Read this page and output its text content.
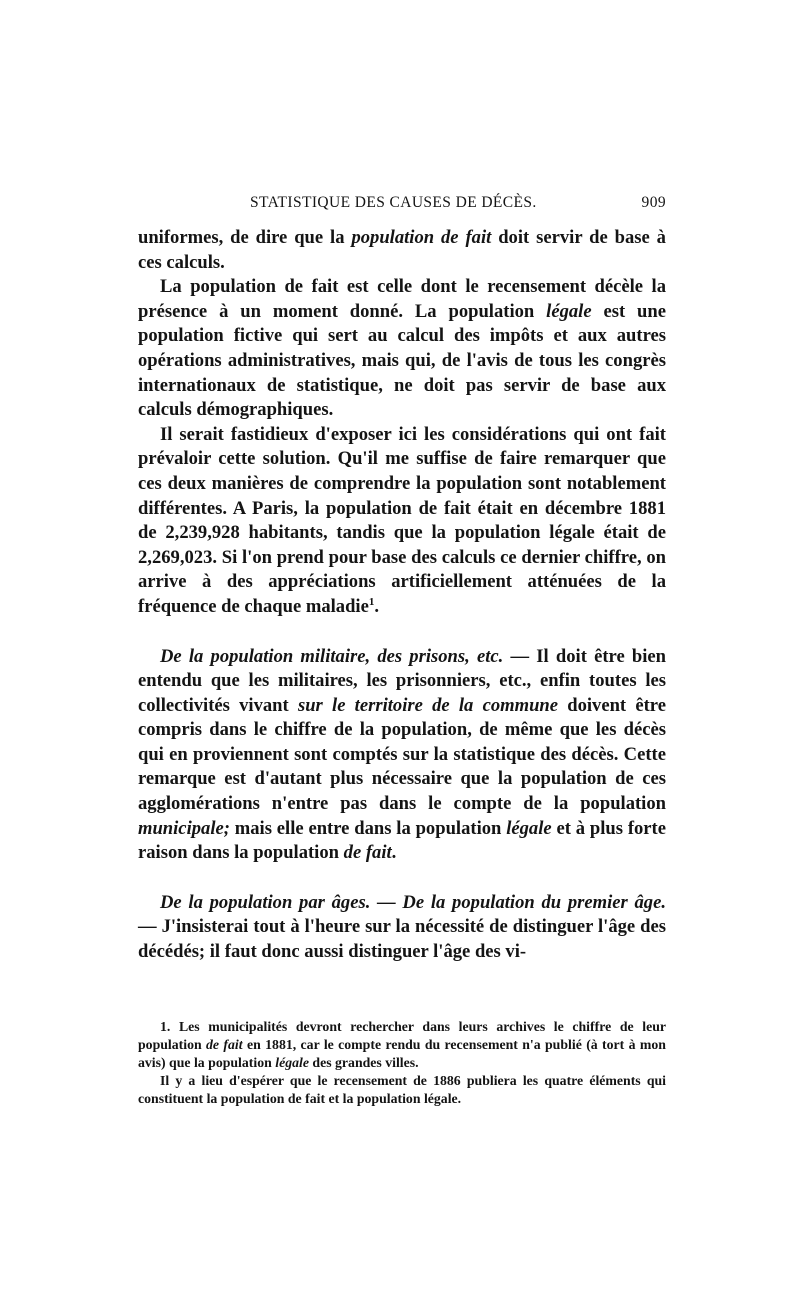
STATISTIQUE DES CAUSES DE DÉCÈS.	909

uniformes, de dire que la population de fait doit servir de base à ces calculs.

La population de fait est celle dont le recensement décèle la présence à un moment donné. La population légale est une population fictive qui sert au calcul des impôts et aux autres opérations administratives, mais qui, de l'avis de tous les congrès internationaux de statistique, ne doit pas servir de base aux calculs démographiques.

Il serait fastidieux d'exposer ici les considérations qui ont fait prévaloir cette solution. Qu'il me suffise de faire remarquer que ces deux manières de comprendre la population sont notablement différentes. A Paris, la population de fait était en décembre 1881 de 2,239,928 habitants, tandis que la population légale était de 2,269,023. Si l'on prend pour base des calculs ce dernier chiffre, on arrive à des appréciations artificiellement atténuées de la fréquence de chaque maladie$^1$.

De la population militaire, des prisons, etc. — Il doit être bien entendu que les militaires, les prisonniers, etc., enfin toutes les collectivités vivant sur le territoire de la commune doivent être compris dans le chiffre de la population, de même que les décès qui en proviennent sont comptés sur la statistique des décès. Cette remarque est d'autant plus nécessaire que la population de ces agglomérations n'entre pas dans le compte de la population municipale; mais elle entre dans la population légale et à plus forte raison dans la population de fait.

De la population par âges. — De la population du premier âge. — J'insisterai tout à l'heure sur la nécessité de distinguer l'âge des décédés; il faut donc aussi distinguer l'âge des vi-

1. Les municipalités devront rechercher dans leurs archives le chiffre de leur population de fait en 1881, car le compte rendu du recensement n'a publié (à tort à mon avis) que la population légale des grandes villes.

Il y a lieu d'espérer que le recensement de 1886 publiera les quatre éléments qui constituent la population de fait et la population légale.
